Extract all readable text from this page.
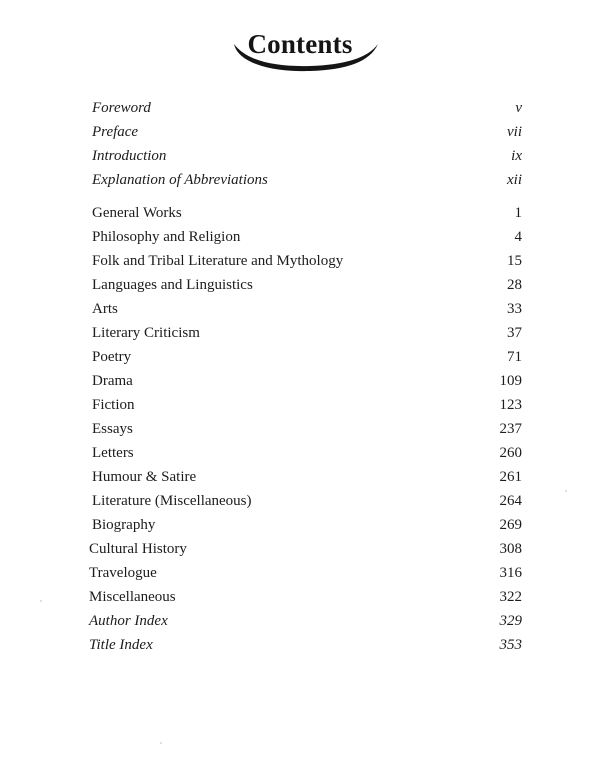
Contents
Foreword	v
Preface	vii
Introduction	ix
Explanation of Abbreviations	xii
General Works	1
Philosophy and Religion	4
Folk and Tribal Literature and Mythology	15
Languages and Linguistics	28
Arts	33
Literary Criticism	37
Poetry	71
Drama	109
Fiction	123
Essays	237
Letters	260
Humour & Satire	261
Literature (Miscellaneous)	264
Biography	269
Cultural History	308
Travelogue	316
Miscellaneous	322
Author Index	329
Title Index	353
